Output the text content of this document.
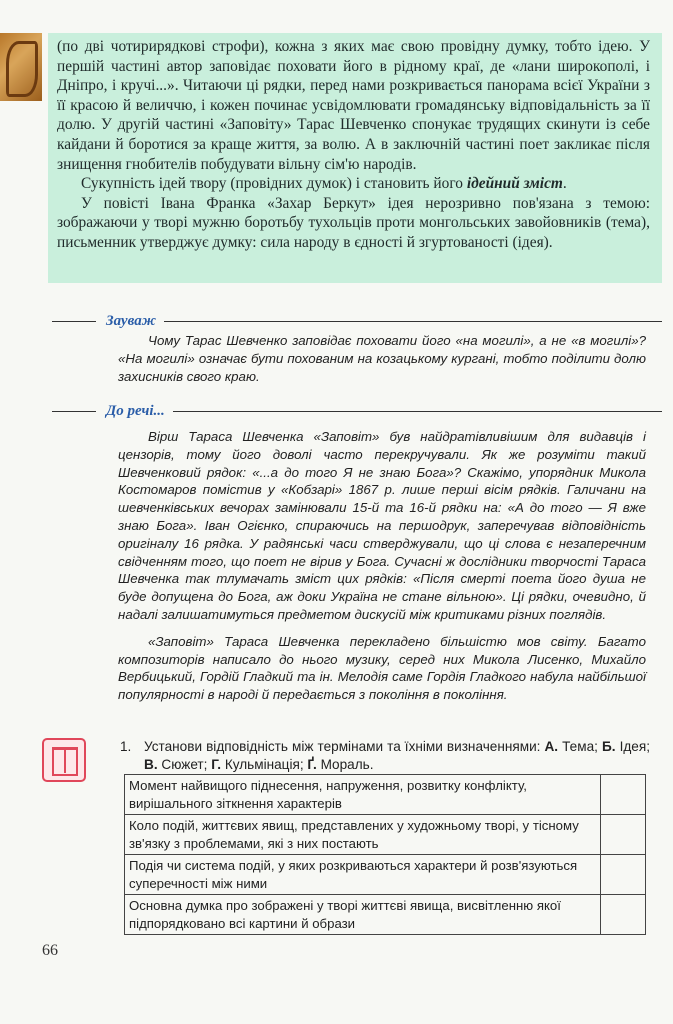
(по дві чотирирядкові строфи), кожна з яких має свою провідну думку, тобто ідею. У першій частині автор заповідає поховати його в рідному краї, де «лани широкополі, і Дніпро, і кручі...». Читаючи ці рядки, перед нами розкривається панорама всієї України з її красою й величчю, і кожен починає усвідомлювати громадянську відповідальність за її долю. У другій частині «Заповіту» Тарас Шевченко спонукає трудящих скинути із себе кайдани й боротися за краще життя, за волю. А в заключній частині поет закликає після знищення гнобителів побудувати вільну сім'ю народів.

Сукупність ідей твору (провідних думок) і становить його ідейний зміст.

У повісті Івана Франка «Захар Беркут» ідея нерозривно пов'язана з темою: зображаючи у творі мужню боротьбу тухольців проти монгольських завойовників (тема), письменник утверджує думку: сила народу в єдності й згуртованості (ідея).

Зауваж

Чому Тарас Шевченко заповідає поховати його «на могилі», а не «в могилі»? «На могилі» означає бути похованим на козацькому кургані, тобто поділити долю захисників свого краю.

До речі...

Вірш Тараса Шевченка «Заповіт» був найдратівливішим для видавців і цензорів, тому його доволі часто перекручували. Як же розуміти такий Шевченковий рядок: «...а до того Я не знаю Бога»? Скажімо, упорядник Микола Костомаров помістив у «Кобзарі» 1867 р. лише перші вісім рядків. Галичани на шевченківських вечорах замінювали 15-й та 16-й рядки на: «А до того — Я вже знаю Бога». Іван Огієнко, спираючись на першодрук, заперечував відповідність оригіналу 16 рядка. У радянські часи стверджували, що ці слова є незаперечним свідченням того, що поет не вірив у Бога. Сучасні ж дослідники творчості Тараса Шевченка так тлумачать зміст цих рядків: «Після смерті поета його душа не буде допущена до Бога, аж доки Україна не стане вільною». Ці рядки, очевидно, й надалі залишатимуться предметом дискусій між критиками різних поглядів.

«Заповіт» Тараса Шевченка перекладено більшістю мов світу. Багато композиторів написало до нього музику, серед них Микола Лисенко, Михайло Вербицький, Гордій Гладкий та ін. Мелодія саме Гордія Гладкого набула найбільшої популярності в народі й передається з покоління в покоління.

1. Установи відповідність між термінами та їхніми визначеннями: А. Тема; Б. Ідея; В. Сюжет; Г. Кульмінація; Ґ. Мораль.
Момент найвищого піднесення, напруження, розвитку конфлікту, вирішального зіткнення характерів	
Коло подій, життєвих явищ, представлених у художньому творі, у тісному зв'язку з проблемами, які з них постають	
Подія чи система подій, у яких розкриваються характери й розв'язуються суперечності між ними	
Основна думка про зображені у творі життєві явища, висвітленню якої підпорядковано всі картини й образи	
66
